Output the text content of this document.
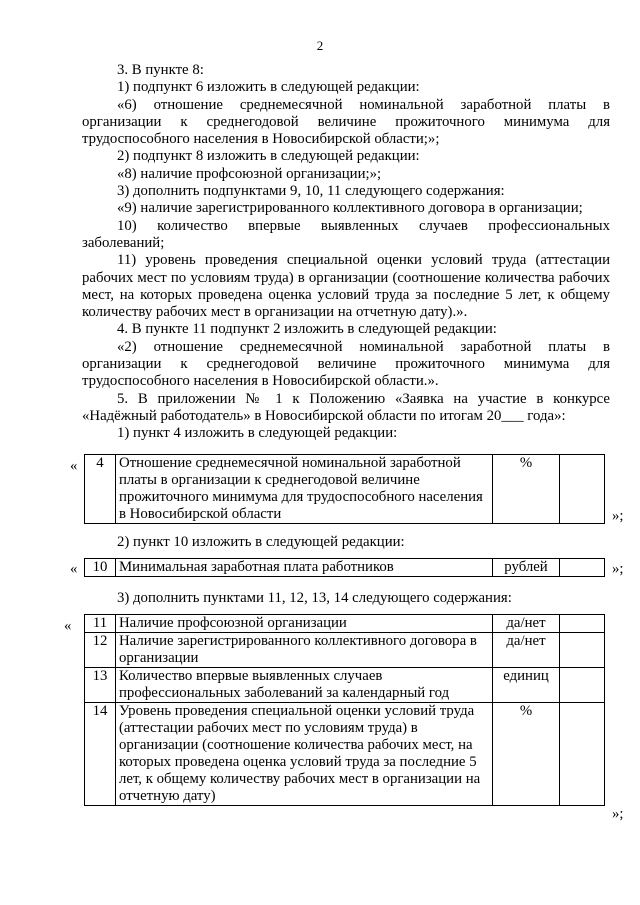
2

3. В пункте 8:

1) подпункт 6 изложить в следующей редакции:

«6) отношение среднемесячной номинальной заработной платы в организации к среднегодовой величине прожиточного минимума для трудоспособного населения в Новосибирской области;»;

2) подпункт 8 изложить в следующей редакции:

«8) наличие профсоюзной организации;»;

3) дополнить подпунктами 9, 10, 11 следующего содержания:

«9) наличие зарегистрированного коллективного договора в организации;

10) количество впервые выявленных случаев профессиональных заболеваний;

11) уровень проведения специальной оценки условий труда (аттестации рабочих мест по условиям труда) в организации (соотношение количества рабочих мест, на которых проведена оценка условий труда за последние 5 лет, к общему количеству рабочих мест в организации на отчетную дату).».

4. В пункте 11 подпункт 2 изложить в следующей редакции:

«2) отношение среднемесячной номинальной заработной платы в организации к среднегодовой величине прожиточного минимума для трудоспособного населения в Новосибирской области.».

5. В приложении № 1 к Положению «Заявка на участие в конкурсе «Надёжный работодатель» в Новосибирской области по итогам 20___ года»:

1) пункт 4 изложить в следующей редакции:

« 4	Отношение среднемесячной номинальной заработной платы в организации к среднегодовой величине прожиточного минимума для трудоспособного населения в Новосибирской области	%	
»;

2) пункт 10 изложить в следующей редакции:

« 10	Минимальная заработная плата работников	рублей		»;

3) дополнить пунктами 11, 12, 13, 14 следующего содержания:

« 11	Наличие профсоюзной организации	да/нет	
12	Наличие зарегистрированного коллективного договора в организации	да/нет	
13	Количество впервые выявленных случаев профессиональных заболеваний за календарный год	единиц	
14	Уровень проведения специальной оценки условий труда (аттестации рабочих мест по условиям труда) в организации (соотношение количества рабочих мест, на которых проведена оценка условий труда за последние 5 лет, к общему количеству рабочих мест в организации на отчетную дату)	%	
»;
